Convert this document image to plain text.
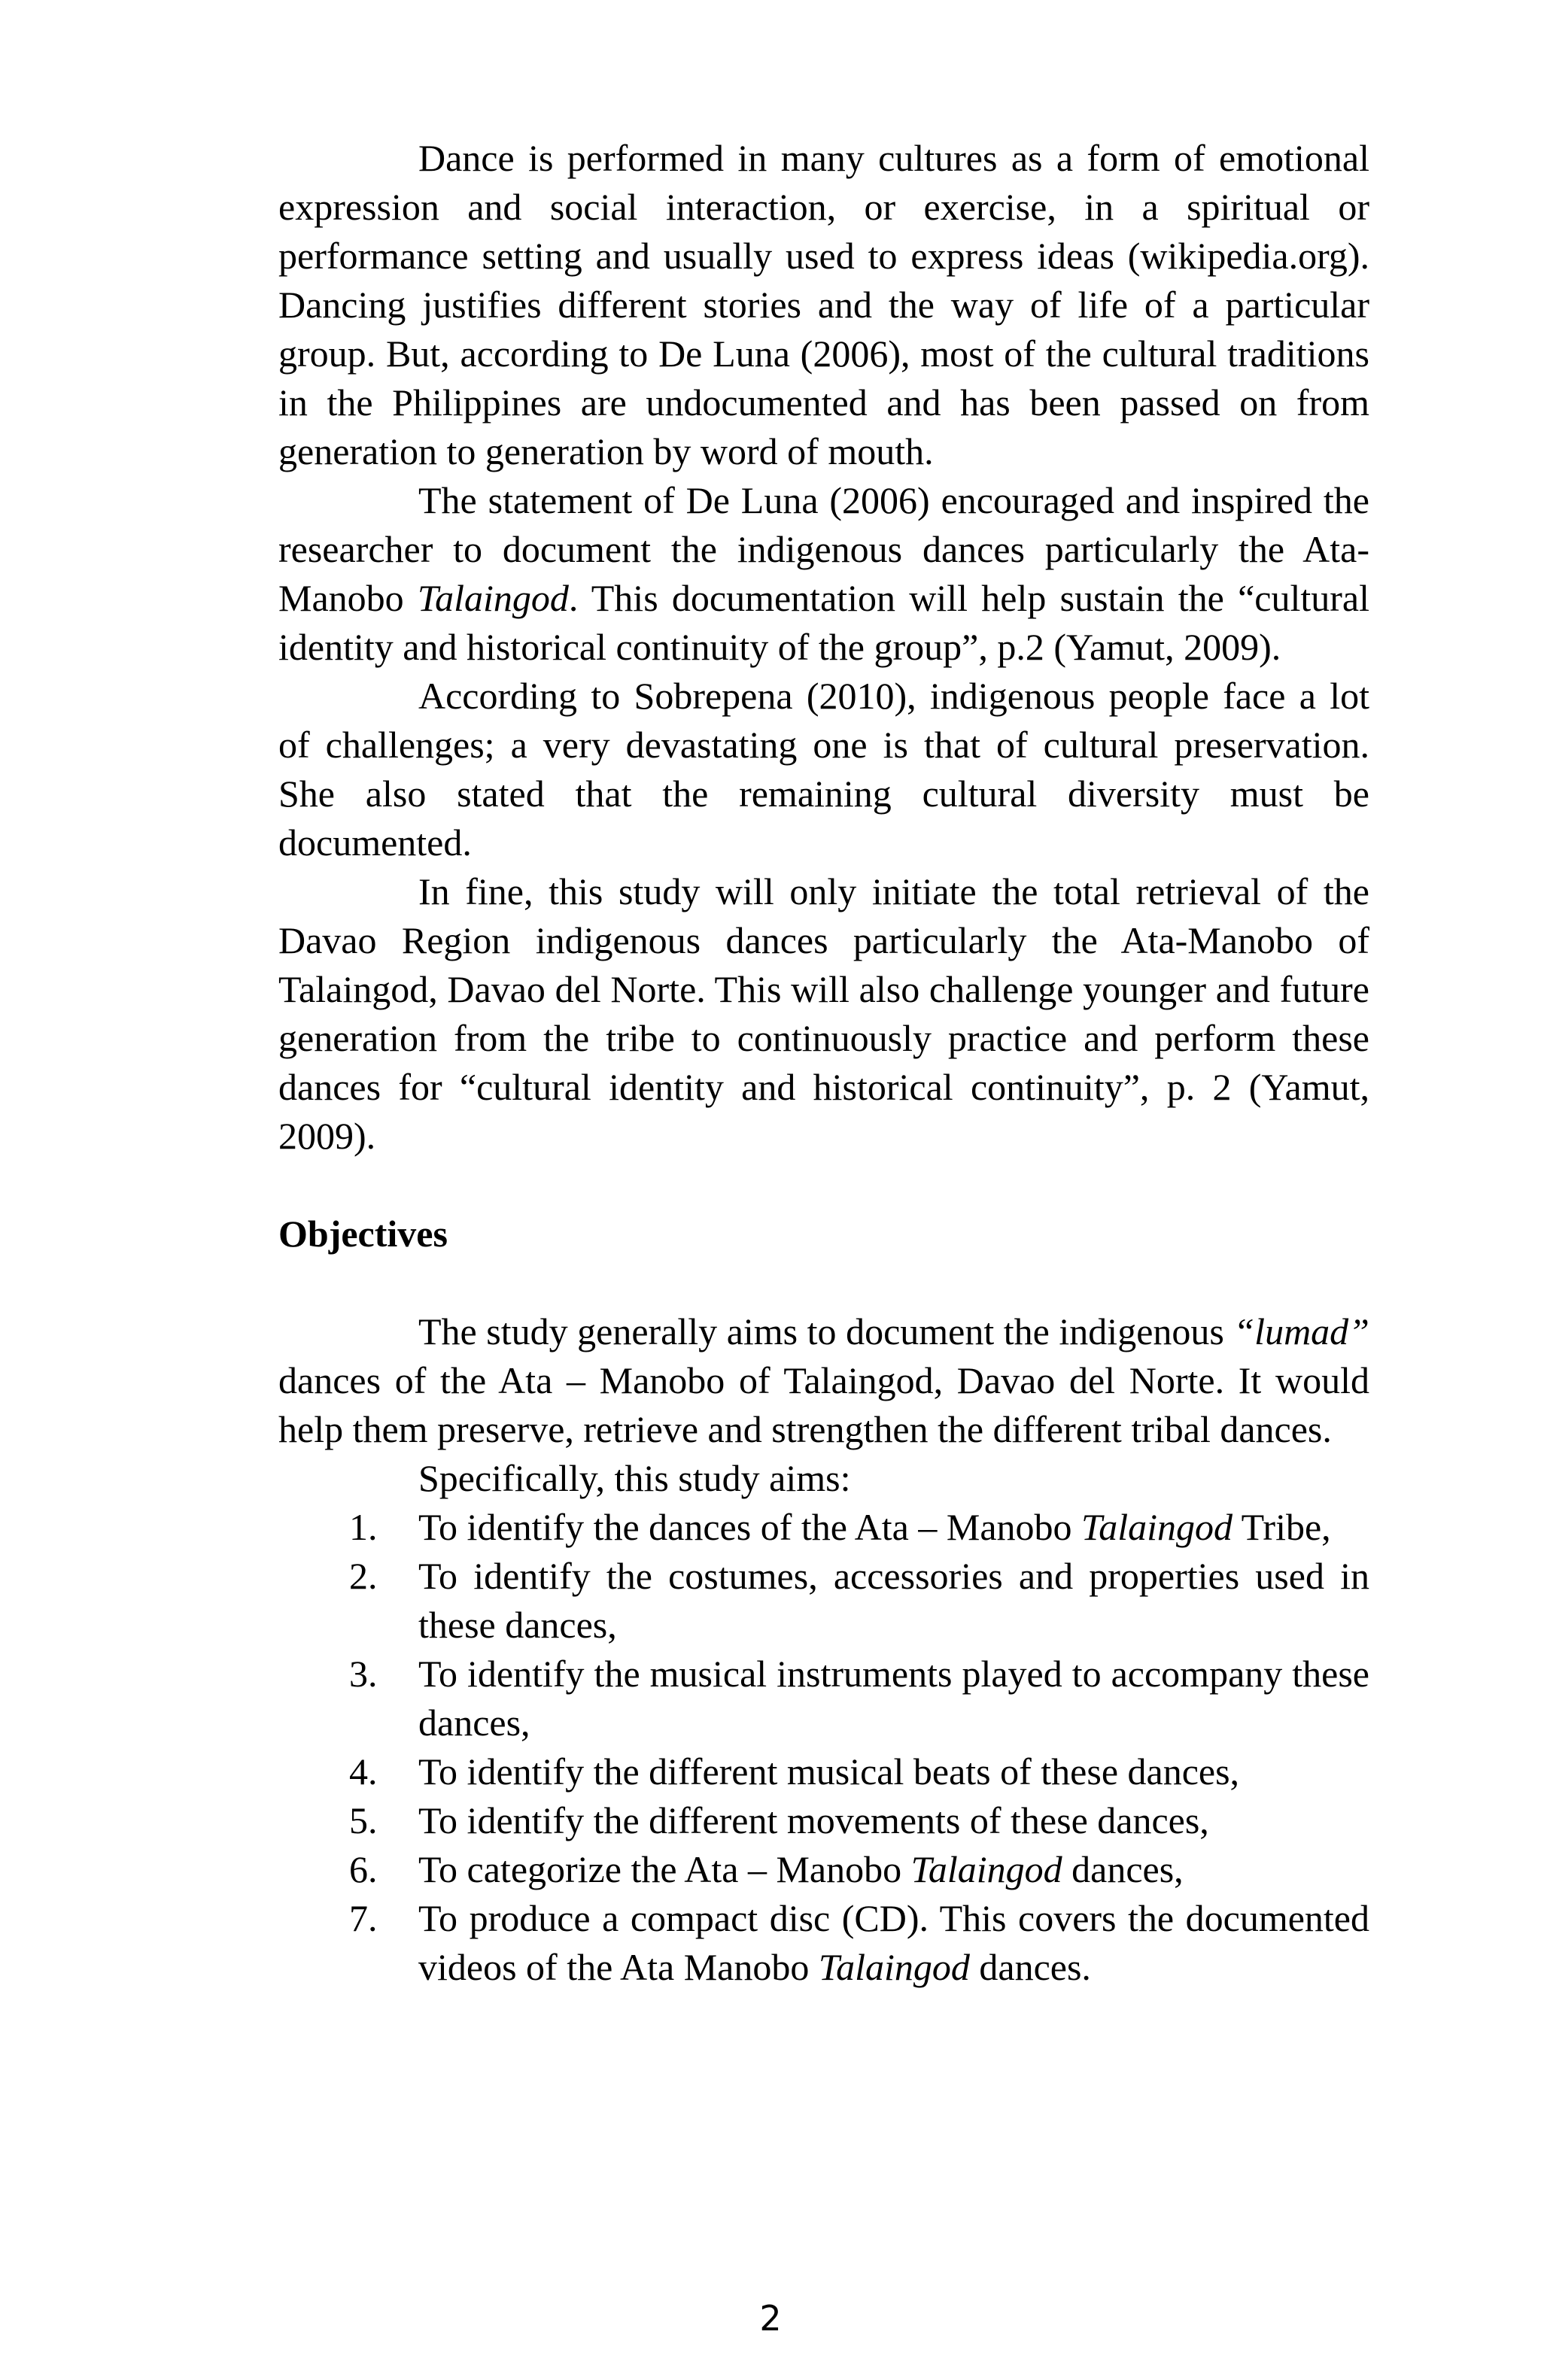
Dance is performed in many cultures as a form of emotional expression and social interaction, or exercise, in a spiritual or performance setting and usually used to express ideas (wikipedia.org). Dancing justifies different stories and the way of life of a particular group. But, according to De Luna (2006), most of the cultural traditions in the Philippines are undocumented and has been passed on from generation to generation by word of mouth.

The statement of De Luna (2006) encouraged and inspired the researcher to document the indigenous dances particularly the Ata-Manobo Talaingod. This documentation will help sustain the “cultural identity and historical continuity of the group”, p.2 (Yamut, 2009).

According to Sobrepena (2010), indigenous people face a lot of challenges; a very devastating one is that of cultural preservation. She also stated that the remaining cultural diversity must be documented.

In fine, this study will only initiate the total retrieval of the Davao Region indigenous dances particularly the Ata-Manobo of Talaingod, Davao del Norte. This will also challenge younger and future generation from the tribe to continuously practice and perform these dances for “cultural identity and historical continuity”, p. 2 (Yamut, 2009).

Objectives

The study generally aims to document the indigenous “lumad” dances of the Ata – Manobo of Talaingod, Davao del Norte. It would help them preserve, retrieve and strengthen the different tribal dances.

Specifically, this study aims:

1. To identify the dances of the Ata – Manobo Talaingod Tribe,
2. To identify the costumes, accessories and properties used in these dances,
3. To identify the musical instruments played to accompany these dances,
4. To identify the different musical beats of these dances,
5. To identify the different movements of these dances,
6. To categorize the Ata – Manobo Talaingod dances,
7. To produce a compact disc (CD). This covers the documented videos of the Ata Manobo Talaingod dances.
2
